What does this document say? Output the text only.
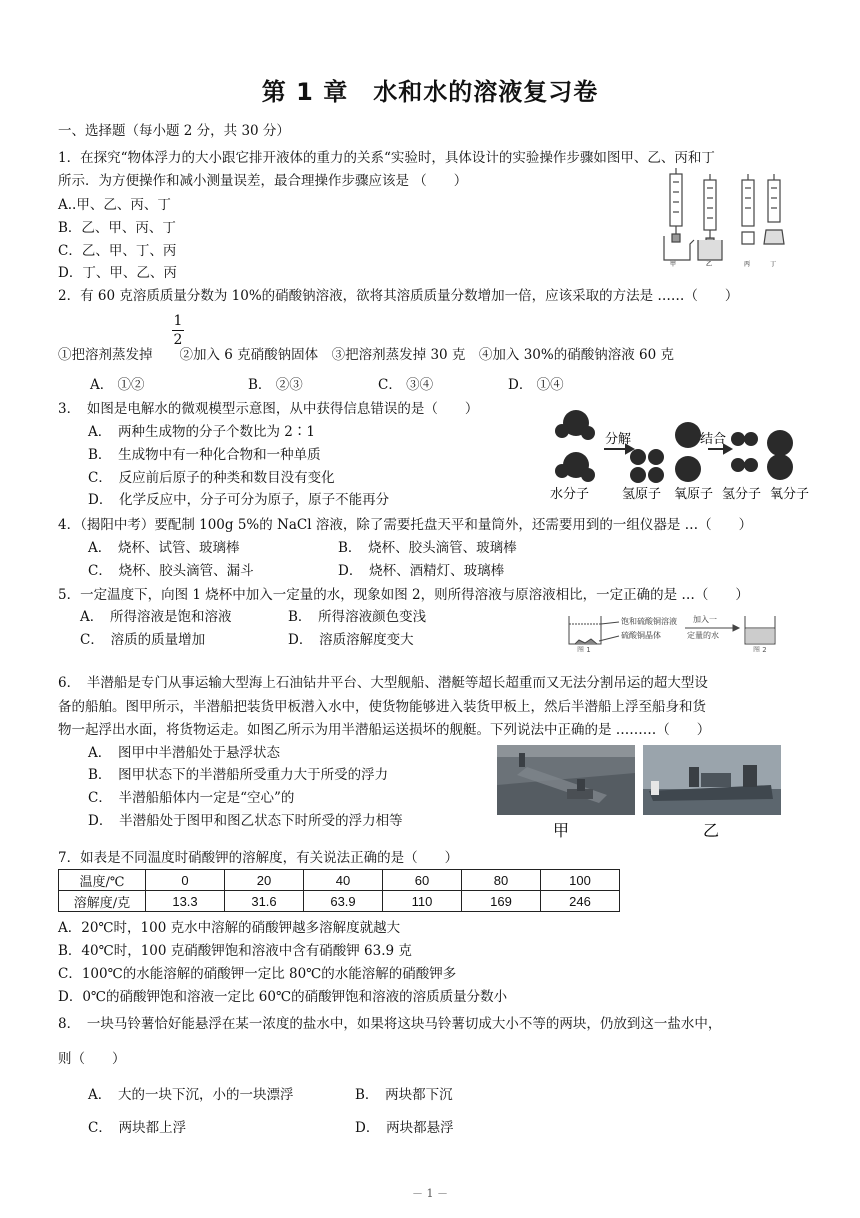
第 1 章　水和水的溶液复习卷
一、选择题（每小题 2 分，共 30 分）
1．在探究“物体浮力的大小跟它排开液体的重力的关系“实验时，具体设计的实验操作步骤如图甲、乙、丙和丁
所示．为方便操作和减小测量误差，最合理操作步骤应该是 （　　）
A..甲、乙、丙、丁
B．乙、甲、丙、丁
C．乙、甲、丁、丙
D．丁、甲、乙、丙
甲	乙	丙	丁
2．有 60 克溶质质量分数为 10%的硝酸钠溶液，欲将其溶质质量分数增加一倍，应该采取的方法是 ……（　　）
1
2
①把溶剂蒸发掉　　②加入 6 克硝酸钠固体　③把溶剂蒸发掉 30 克　④加入 30%的硝酸钠溶液 60 克
A． ①②	B． ②③	C． ③④	D． ①④
3．　如图是电解水的微观模型示意图，从中获得信息错误的是（　　）
A．　两种生成物的分子个数比为 2∶1
B．　生成物中有一种化合物和一种单质
C．　反应前后原子的种类和数目没有变化
D．　化学反应中，分子可分为原子，原子不能再分
分解	结合
水分子	氢原子 氧原子 氢分子 氧分子
4．（揭阳中考）要配制 100g 5%的 NaCl 溶液，除了需要托盘天平和量筒外，还需要用到的一组仪器是 …（　　）
A．　烧杯、试管、玻璃棒	B．　烧杯、胶头滴管、玻璃棒
C．　烧杯、胶头滴管、漏斗	D．　烧杯、酒精灯、玻璃棒
5．一定温度下，向图 1 烧杯中加入一定量的水，现象如图 2，则所得溶液与原溶液相比，一定正确的是 …（　　）
A．　所得溶液是饱和溶液	B．　所得溶液颜色变浅
C．　溶质的质量增加	D．　溶质溶解度变大
饱和硫酸铜溶液
硫酸铜晶体
加入一
定量的水
图 1	图 2
6．　半潜船是专门从事运输大型海上石油钻井平台、大型舰船、潜艇等超长超重而又无法分割吊运的超大型设
备的船舶。图甲所示，半潜船把装货甲板潜入水中，使货物能够进入装货甲板上，然后半潜船上浮至船身和货
物一起浮出水面，将货物运走。如图乙所示为用半潜船运送损坏的舰艇。下列说法中正确的是 ………（　　）
A．　图甲中半潜船处于悬浮状态
B．　图甲状态下的半潜船所受重力大于所受的浮力
C．　半潜船船体内一定是“空心”的
D．　半潜船处于图甲和图乙状态下时所受的浮力相等	甲	乙
7．如表是不同温度时硝酸钾的溶解度，有关说法正确的是（　　）
温度/℃	0	20	40	60	80	100
溶解度/克	13.3	31.6	63.9	110	169	246
A．20℃时，100 克水中溶解的硝酸钾越多溶解度就越大
B．40℃时，100 克硝酸钾饱和溶液中含有硝酸钾 63.9 克
C．100℃的水能溶解的硝酸钾一定比 80℃的水能溶解的硝酸钾多
D．0℃的硝酸钾饱和溶液一定比 60℃的硝酸钾饱和溶液的溶质质量分数小
8．　一块马铃薯恰好能悬浮在某一浓度的盐水中，如果将这块马铃薯切成大小不等的两块，仍放到这一盐水中，
则（　　）
A．　大的一块下沉，小的一块漂浮	B．　两块都下沉
C．　两块都上浮	D．　两块都悬浮
－ 1 －
